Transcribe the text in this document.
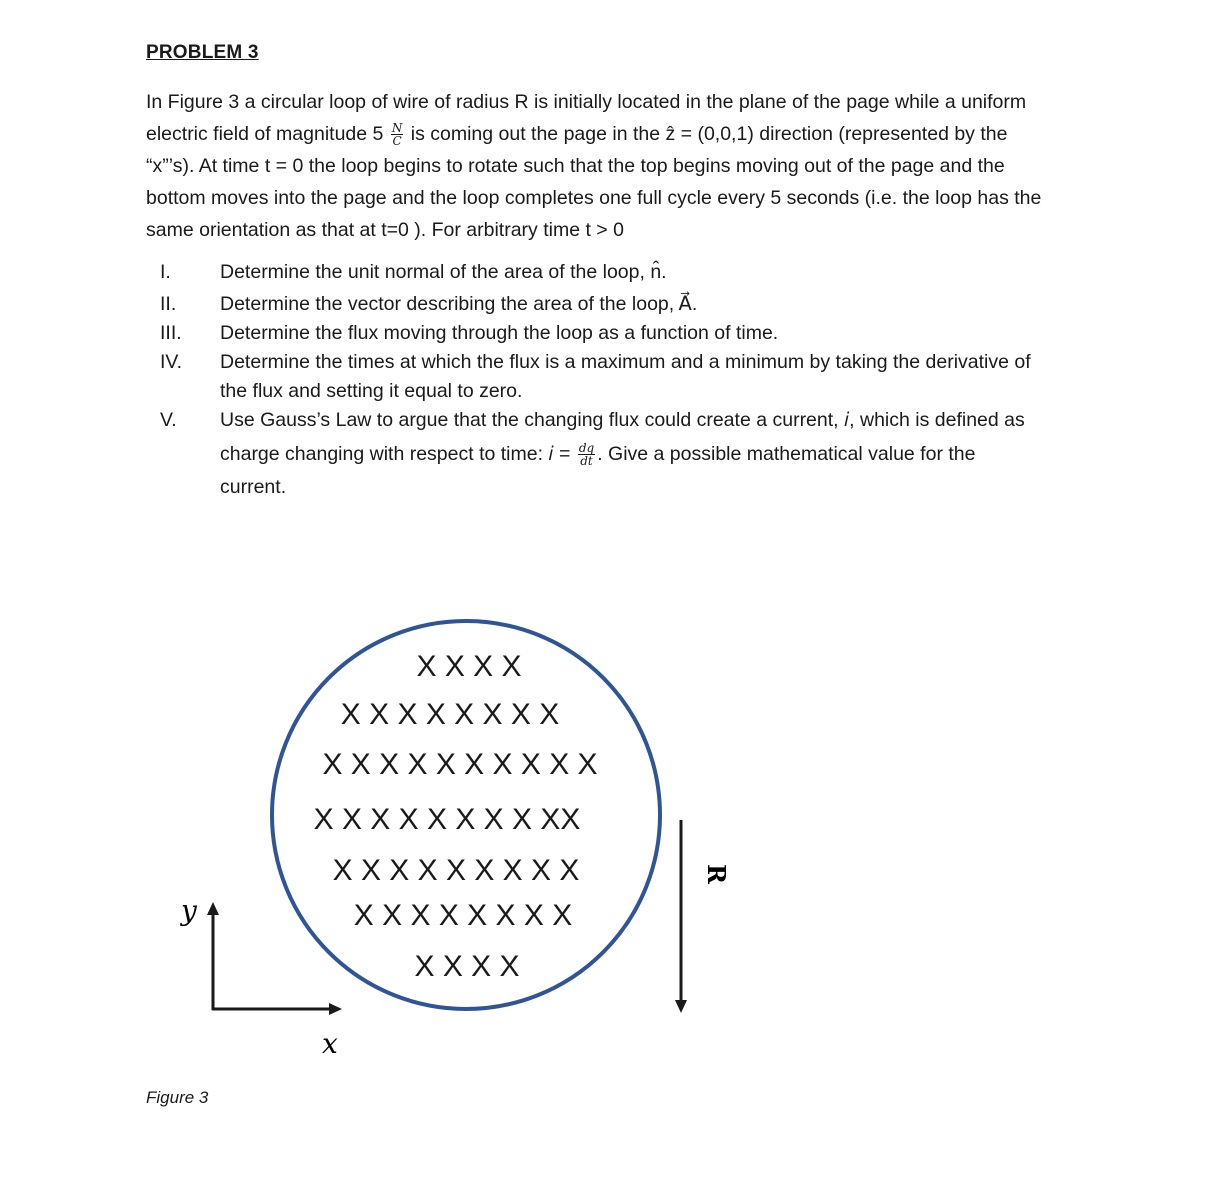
PROBLEM 3
In Figure 3 a circular loop of wire of radius R is initially located in the plane of the page while a uniform
electric field of magnitude $5 \frac{N}{C}$ is coming out the page in the ẑ = (0,0,1) direction (represented by the
“x”’s). At time t = 0 the loop begins to rotate such that the top begins moving out of the page and the
bottom moves into the page and the loop completes one full cycle every 5 seconds (i.e. the loop has the
same orientation as that at t=0 ). For arbitrary time t > 0
I.	Determine the unit normal of the area of the loop, n̂.
II.	Determine the vector describing the area of the loop, A⃗.
III.	Determine the flux moving through the loop as a function of time.
IV.	Determine the times at which the flux is a maximum and a minimum by taking the derivative of
the flux and setting it equal to zero.
V.	Use Gauss’s Law to argue that the changing flux could create a current, 𝑖, which is defined as
charge changing with respect to time: 𝑖 = $\frac{dq}{dt}$ . Give a possible mathematical value for the
current.
X X X X
X X X X X X X X
X X X X X X X X X X
X X X X X X X X XX
X X X X X X X X X
X X X X X X X X
X X X X
y
x
R
Figure 3
